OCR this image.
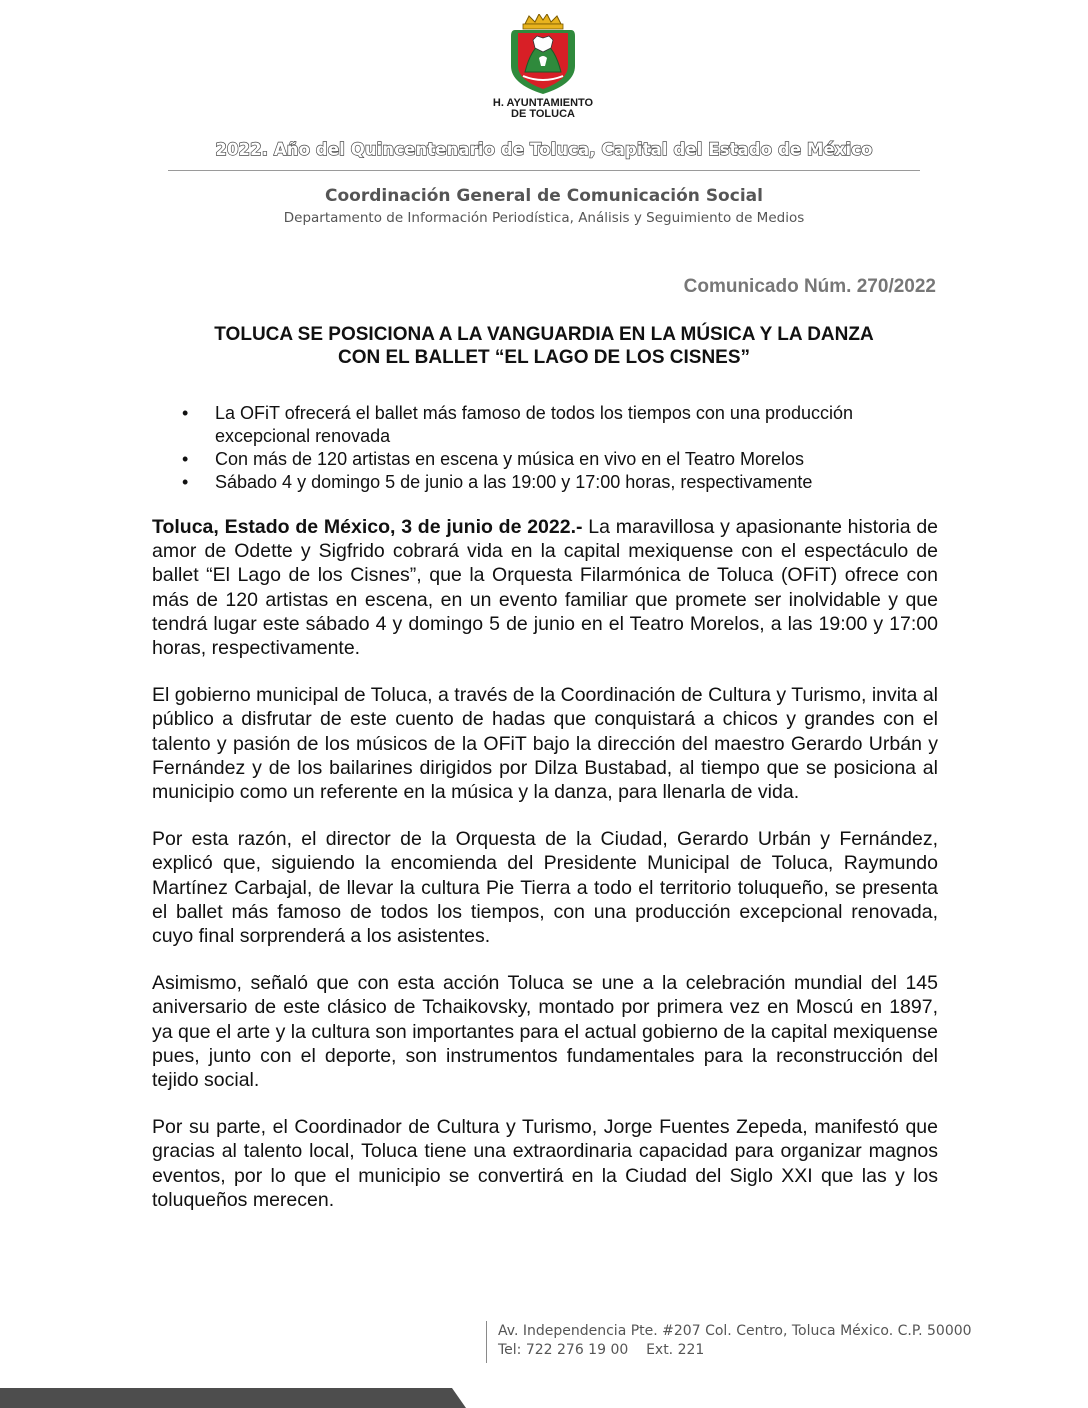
H. AYUNTAMIENTO
DE TOLUCA
2022. Año del Quincentenario de Toluca, Capital del Estado de México
Coordinación General de Comunicación Social
Departamento de Información Periodística, Análisis y Seguimiento de Medios
Comunicado Núm. 270/2022
TOLUCA SE POSICIONA A LA VANGUARDIA EN LA MÚSICA Y LA DANZA
CON EL BALLET “EL LAGO DE LOS CISNES”
• La OFiT ofrecerá el ballet más famoso de todos los tiempos con una producción excepcional renovada
• Con más de 120 artistas en escena y música en vivo en el Teatro Morelos
• Sábado 4 y domingo 5 de junio a las 19:00 y 17:00 horas, respectivamente

Toluca, Estado de México, 3 de junio de 2022.- La maravillosa y apasionante historia de amor de Odette y Sigfrido cobrará vida en la capital mexiquense con el espectáculo de ballet “El Lago de los Cisnes”, que la Orquesta Filarmónica de Toluca (OFiT) ofrece con más de 120 artistas en escena, en un evento familiar que promete ser inolvidable y que tendrá lugar este sábado 4 y domingo 5 de junio en el Teatro Morelos, a las 19:00 y 17:00 horas, respectivamente.

El gobierno municipal de Toluca, a través de la Coordinación de Cultura y Turismo, invita al público a disfrutar de este cuento de hadas que conquistará a chicos y grandes con el talento y pasión de los músicos de la OFiT bajo la dirección del maestro Gerardo Urbán y Fernández y de los bailarines dirigidos por Dilza Bustabad, al tiempo que se posiciona al municipio como un referente en la música y la danza, para llenarla de vida.

Por esta razón, el director de la Orquesta de la Ciudad, Gerardo Urbán y Fernández, explicó que, siguiendo la encomienda del Presidente Municipal de Toluca, Raymundo Martínez Carbajal, de llevar la cultura Pie Tierra a todo el territorio toluqueño, se presenta el ballet más famoso de todos los tiempos, con una producción excepcional renovada, cuyo final sorprenderá a los asistentes.

Asimismo, señaló que con esta acción Toluca se une a la celebración mundial del 145 aniversario de este clásico de Tchaikovsky, montado por primera vez en Moscú en 1897, ya que el arte y la cultura son importantes para el actual gobierno de la capital mexiquense pues, junto con el deporte, son instrumentos fundamentales para la reconstrucción del tejido social.

Por su parte, el Coordinador de Cultura y Turismo, Jorge Fuentes Zepeda, manifestó que gracias al talento local, Toluca tiene una extraordinaria capacidad para organizar magnos eventos, por lo que el municipio se convertirá en la Ciudad del Siglo XXI que las y los toluqueños merecen.

Av. Independencia Pte. #207 Col. Centro, Toluca México. C.P. 50000
Tel: 722 276 19 00    Ext. 221
